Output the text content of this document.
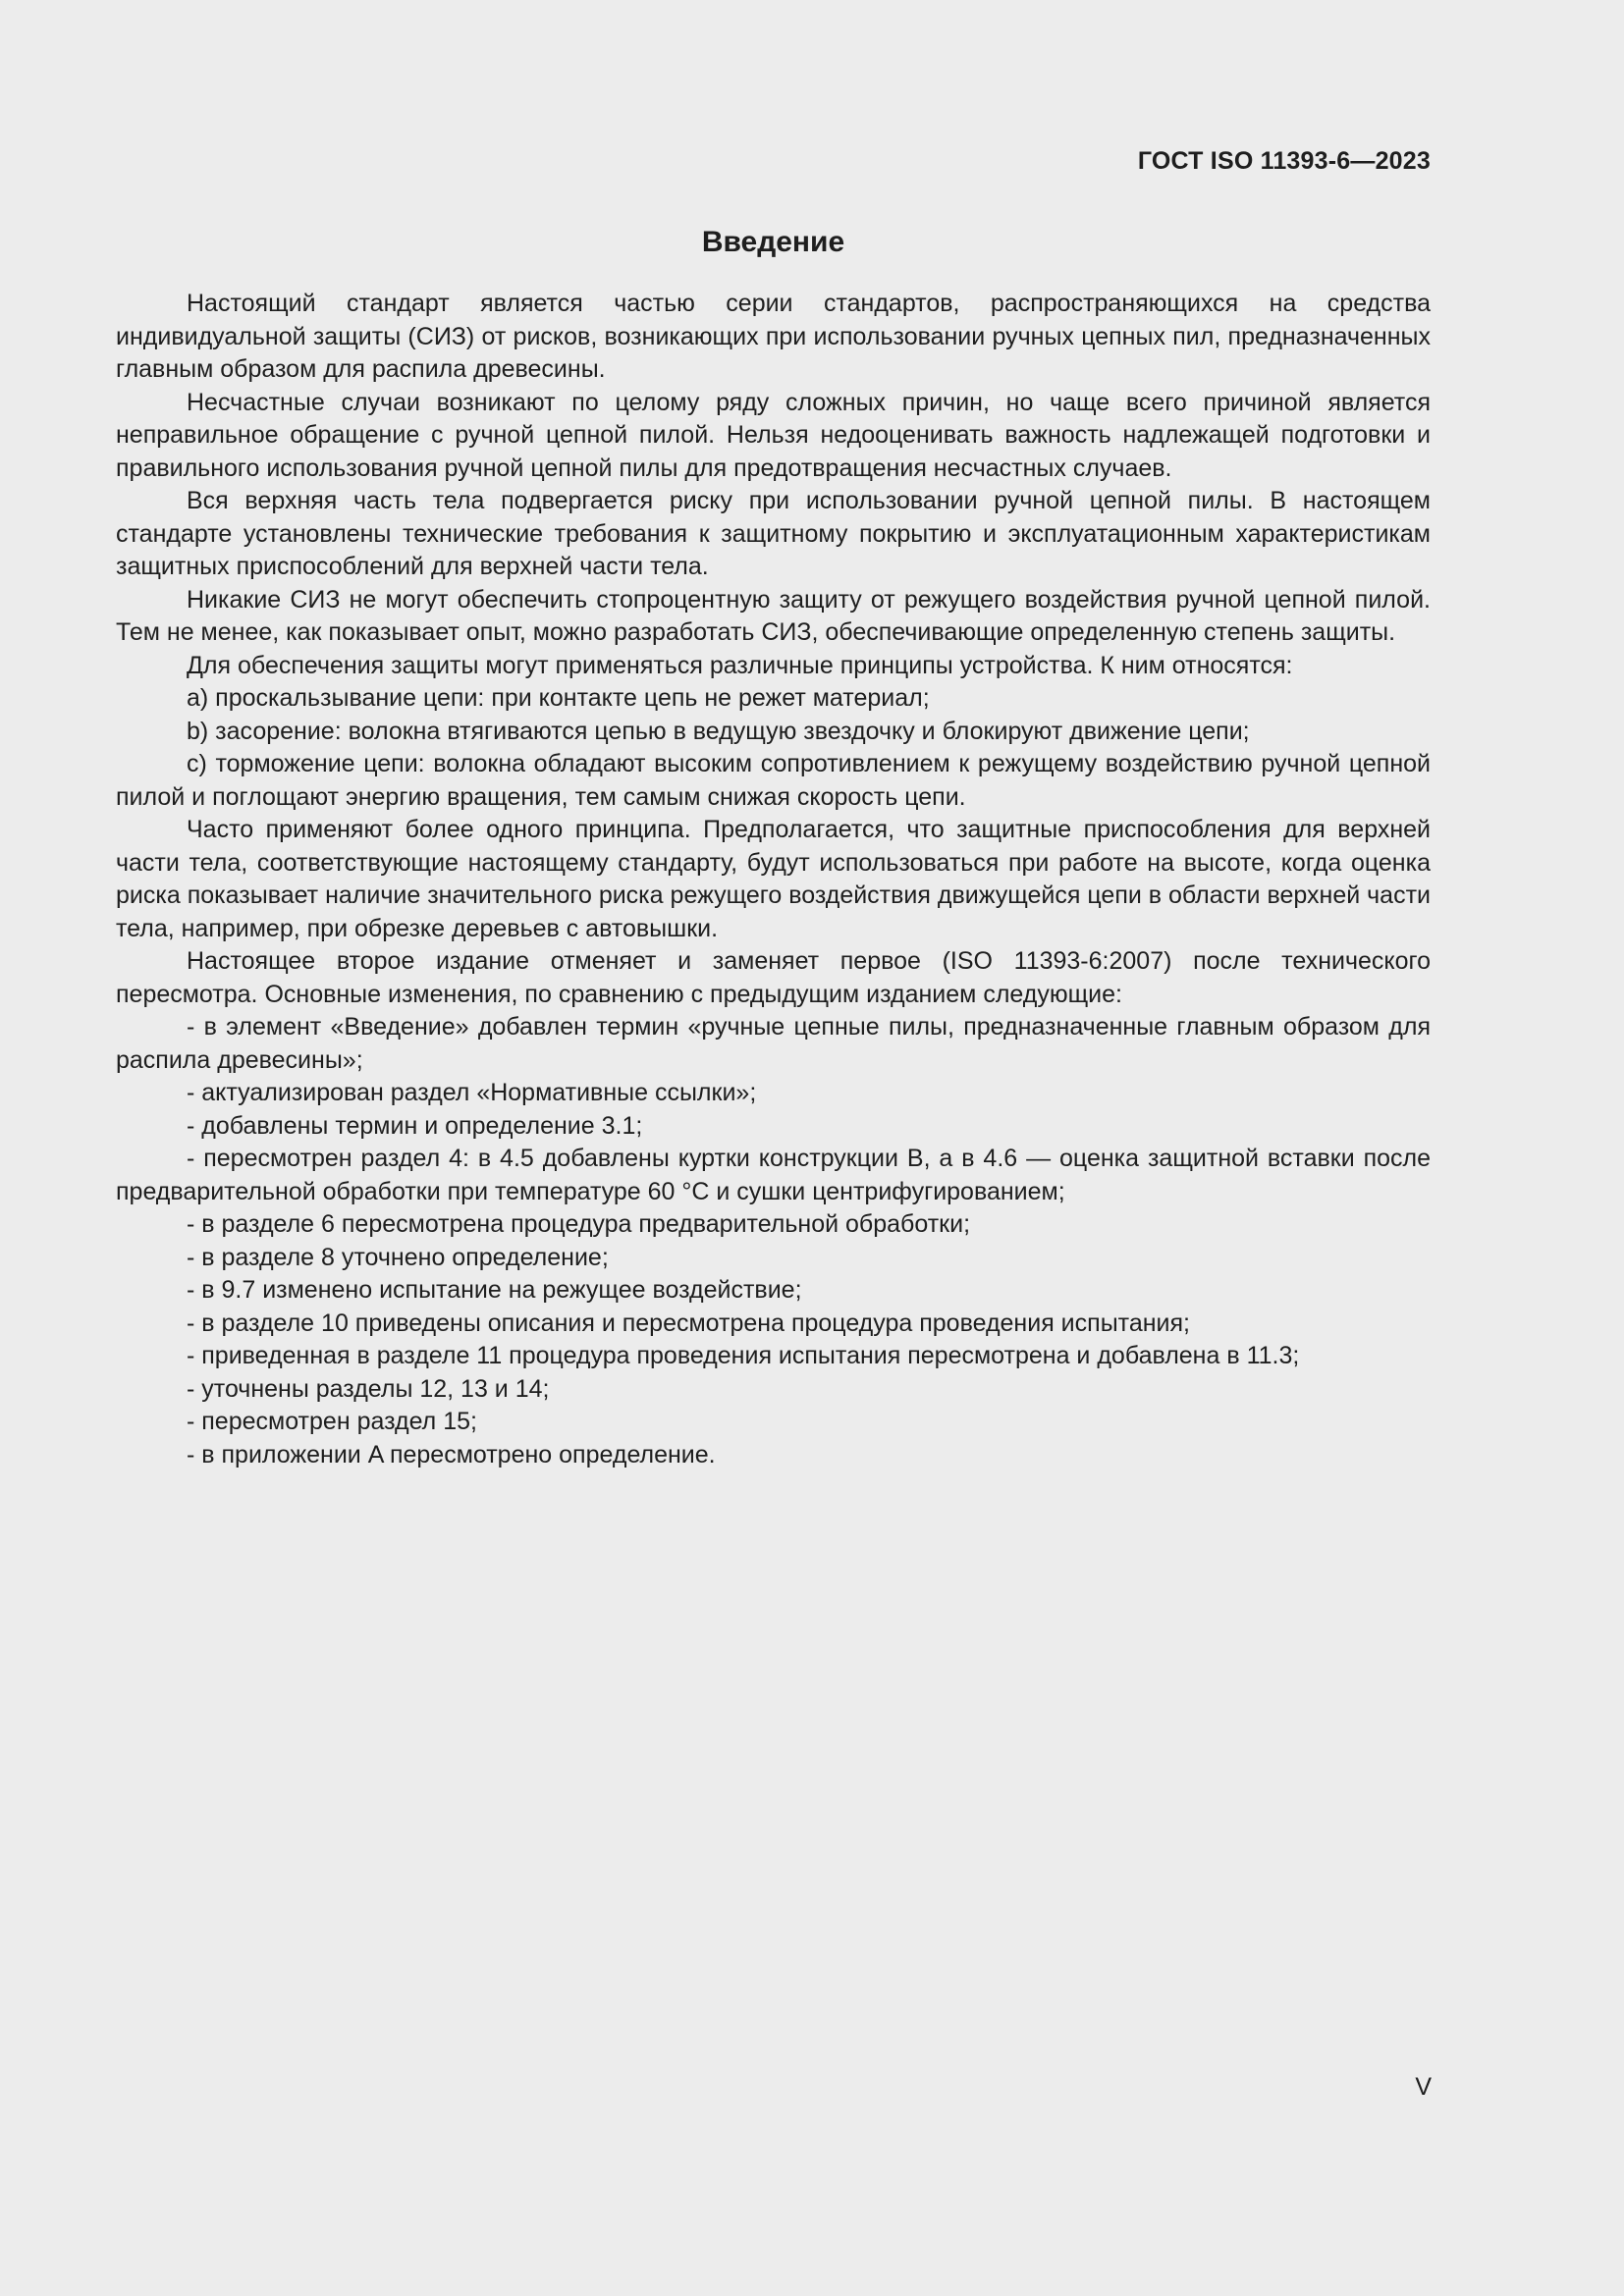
ГОСТ ISO 11393-6—2023
Введение

Настоящий стандарт является частью серии стандартов, распространяющихся на средства индивидуальной защиты (СИЗ) от рисков, возникающих при использовании ручных цепных пил, предназначенных главным образом для распила древесины.

Несчастные случаи возникают по целому ряду сложных причин, но чаще всего причиной является неправильное обращение с ручной цепной пилой. Нельзя недооценивать важность надлежащей подготовки и правильного использования ручной цепной пилы для предотвращения несчастных случаев.

Вся верхняя часть тела подвергается риску при использовании ручной цепной пилы. В настоящем стандарте установлены технические требования к защитному покрытию и эксплуатационным характеристикам защитных приспособлений для верхней части тела.

Никакие СИЗ не могут обеспечить стопроцентную защиту от режущего воздействия ручной цепной пилой. Тем не менее, как показывает опыт, можно разработать СИЗ, обеспечивающие определенную степень защиты.

Для обеспечения защиты могут применяться различные принципы устройства. К ним относятся:

a) проскальзывание цепи: при контакте цепь не режет материал;

b) засорение: волокна втягиваются цепью в ведущую звездочку и блокируют движение цепи;

c) торможение цепи: волокна обладают высоким сопротивлением к режущему воздействию ручной цепной пилой и поглощают энергию вращения, тем самым снижая скорость цепи.

Часто применяют более одного принципа. Предполагается, что защитные приспособления для верхней части тела, соответствующие настоящему стандарту, будут использоваться при работе на высоте, когда оценка риска показывает наличие значительного риска режущего воздействия движущейся цепи в области верхней части тела, например, при обрезке деревьев с автовышки.

Настоящее второе издание отменяет и заменяет первое (ISO 11393-6:2007) после технического пересмотра. Основные изменения, по сравнению с предыдущим изданием следующие:

- в элемент «Введение» добавлен термин «ручные цепные пилы, предназначенные главным образом для распила древесины»;

- актуализирован раздел «Нормативные ссылки»;

- добавлены термин и определение 3.1;

- пересмотрен раздел 4: в 4.5 добавлены куртки конструкции B, а в 4.6 — оценка защитной вставки после предварительной обработки при температуре 60 °C и сушки центрифугированием;

- в разделе 6 пересмотрена процедура предварительной обработки;

- в разделе 8 уточнено определение;

- в 9.7 изменено испытание на режущее воздействие;

- в разделе 10 приведены описания и пересмотрена процедура проведения испытания;

- приведенная в разделе 11 процедура проведения испытания пересмотрена и добавлена в 11.3;

- уточнены разделы 12, 13 и 14;

- пересмотрен раздел 15;

- в приложении A пересмотрено определение.

V
